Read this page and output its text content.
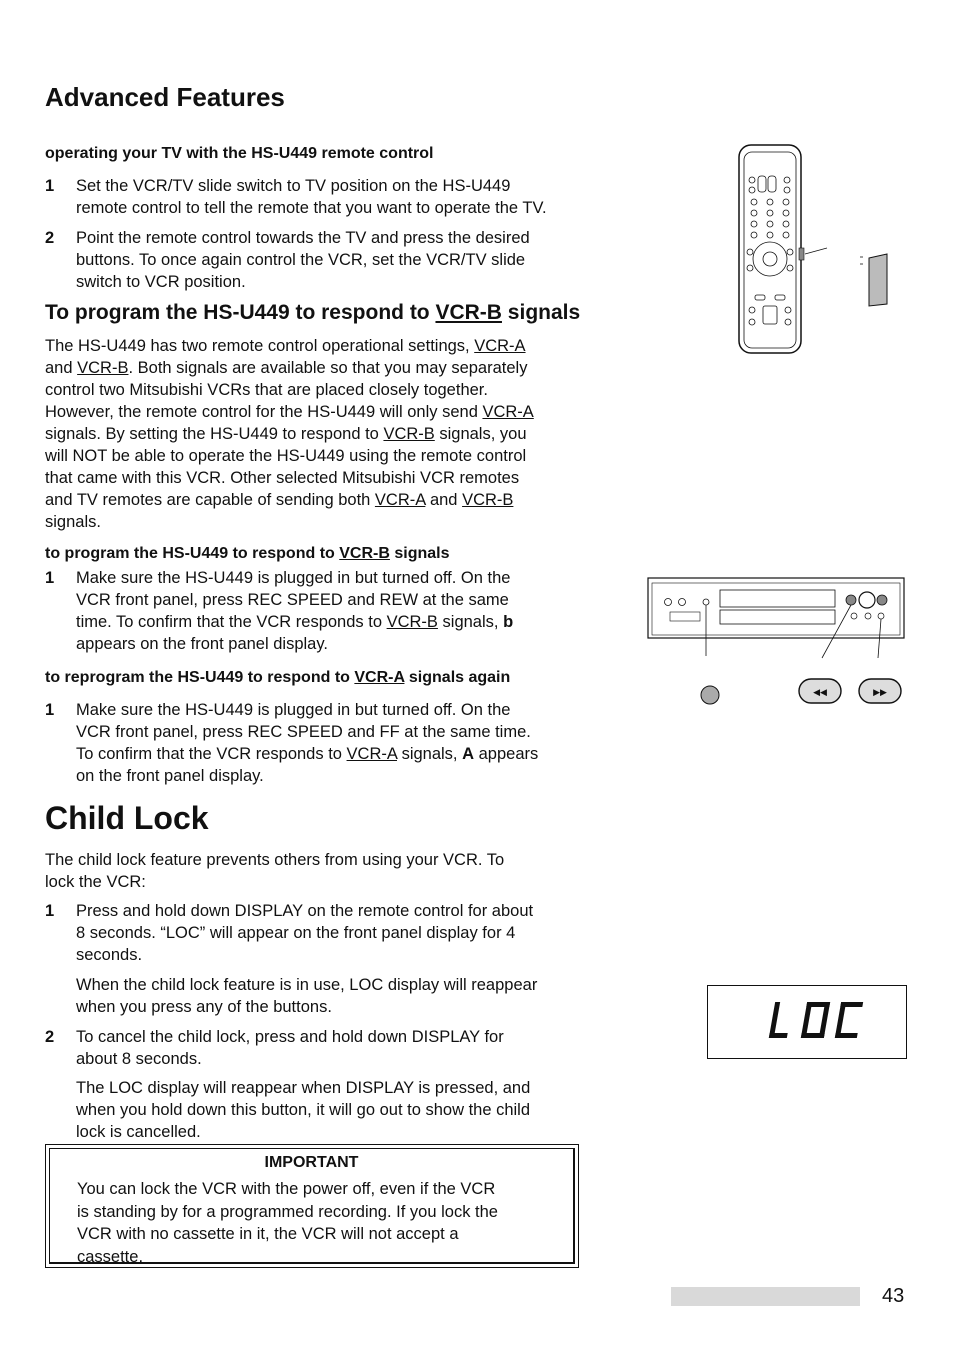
Advanced Features
operating your TV with the HS-U449 remote control
1 Set the VCR/TV slide switch to TV position on the HS-U449
remote control to tell the remote that you want to operate the TV.
2 Point the remote control towards the TV and press the desired
buttons. To once again control the VCR, set the VCR/TV slide
switch to VCR position.
To program the HS-U449 to respond to VCR-B signals
The HS-U449 has two remote control operational settings, VCR-A
and VCR-B. Both signals are available so that you may separately
control two Mitsubishi VCRs that are placed closely together.
However, the remote control for the HS-U449 will only send VCR-A
signals. By setting the HS-U449 to respond to VCR-B signals, you
will NOT be able to operate the HS-U449 using the remote control
that came with this VCR. Other selected Mitsubishi VCR remotes
and TV remotes are capable of sending both VCR-A and VCR-B
signals.
to program the HS-U449 to respond to VCR-B signals
1 Make sure the HS-U449 is plugged in but turned off. On the
VCR front panel, press REC SPEED and REW at the same
time. To confirm that the VCR responds to VCR-B signals, b
appears on the front panel display.
to reprogram the HS-U449 to respond to VCR-A signals again
1 Make sure the HS-U449 is plugged in but turned off. On the
VCR front panel, press REC SPEED and FF at the same time.
To confirm that the VCR responds to VCR-A signals, A appears
on the front panel display.
Child Lock
The child lock feature prevents others from using your VCR. To
lock the VCR:
1 Press and hold down DISPLAY on the remote control for about
8 seconds. “LOC” will appear on the front panel display for 4
seconds.
When the child lock feature is in use, LOC display will reappear
when you press any of the buttons.
2 To cancel the child lock, press and hold down DISPLAY for
about 8 seconds.
The LOC display will reappear when DISPLAY is pressed, and
when you hold down this button, it will go out to show the child
lock is cancelled.
IMPORTANT
You can lock the VCR with the power off, even if the VCR
is standing by for a programmed recording. If you lock the
VCR with no cassette in it, the VCR will not accept a
cassette.
◀◀	▶▶
43
